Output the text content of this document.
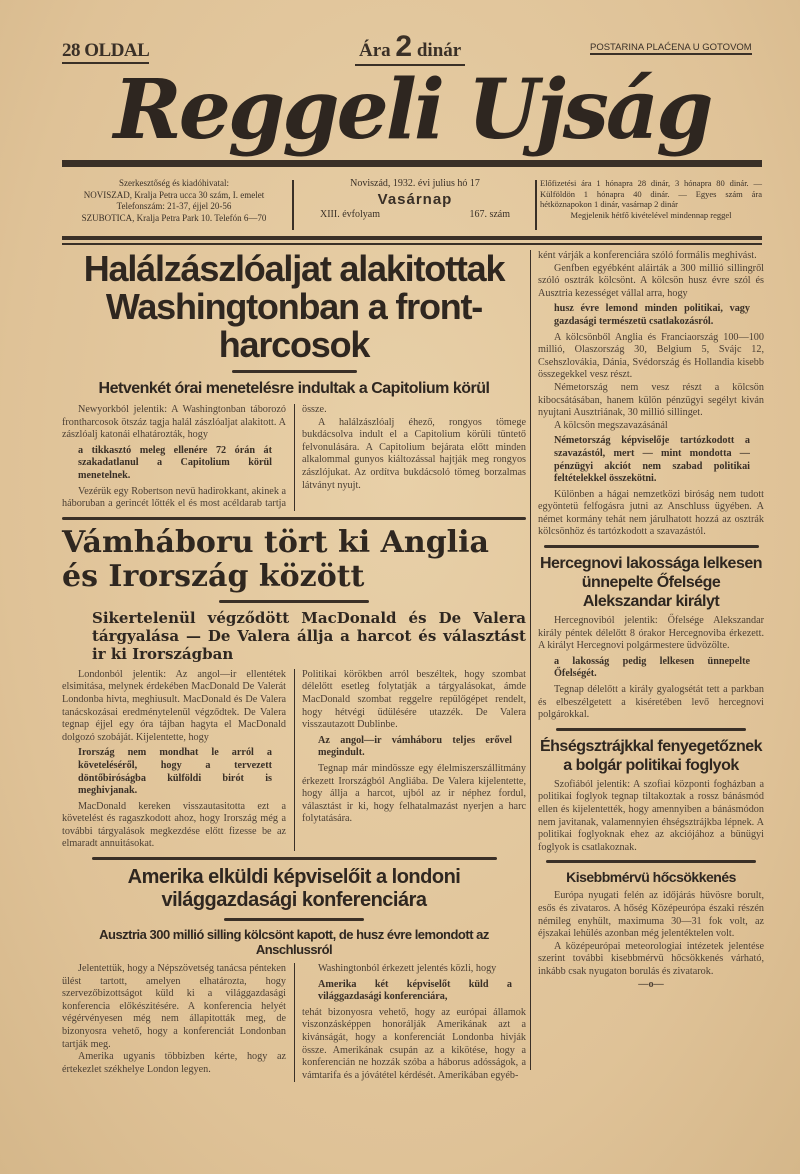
28 OLDAL	Ára 2 dinár	POSTARINA PLAĆENA U GOTOVOM
Reggeli Ujság
Szerkesztőség és kiadóhivatal:
NOVISZAD, Kralja Petra ucca 30 szám, I. emelet
Telefonszám: 21-37, éjjel 20-56
SZUBOTICA, Kralja Petra Park 10. Telefón 6—70
Noviszád, 1932. évi julius hó 17
Vasárnap
XIII. évfolyam	167. szám
Előfizetési ára 1 hónapra 28 dinár, 3 hónapra 80 dinár. — Külföldön 1 hónapra 40 dinár. — Egyes szám ára hétköznapokon 1 dinár, vasárnap 2 dinár
Megjelenik hétfő kivételével mindennap reggel
Halálzászlóaljat alakitottak Washingtonban a front-harcosok
Hetvenkét órai menetelésre indultak a Capitolium körül

Newyorkból jelentik: A Washingtonban táborozó frontharcosok ötszáz tagja halál zászlóaljat alakitott. A zászlóalj katonái elhatározták, hogy

a tikkasztó meleg ellenére 72 órán át szakadatlanul a Capitolium körül menetelnek.

Vezérük egy Robertson nevü hadirokkant, akinek a háboruban a gerincét lőtték el és most acéldarab tartja össze.

A halálzászlóalj éhező, rongyos tömege bukdácsolva indult el a Capitolium körüli tüntető felvonulására. A Capitolium bejárata előtt minden alkalommal gunyos kiáltozással hajtják meg rongyos zászlójukat. Az ordítva bukdácsoló tömeg borzalmas látványt nyujt.

Vámháboru tört ki Anglia és Irország között
Sikertelenül végződött MacDonald és De Valera tárgyalása — De Valera állja a harcot és választást ir ki Irországban

Londonból jelentik: Az angol—ir ellentétek elsimitása, melynek érdekében MacDonald De Valerát Londonba hivta, meghiusult. MacDonald és De Valera tanácskozásai eredménytelenül végződtek. De Valera tegnap éjjel egy óra tájban hagyta el MacDonald dolgozó szobáját. Kijelentette, hogy

Irország nem mondhat le arról a követeléséről, hogy a tervezett döntőbiróságba külföldi birót is meghivjanak.

MacDonald kereken visszautasitotta ezt a követelést és ragaszkodott ahoz, hogy Irország még a további tárgyalások megkezdése előtt fizesse be az elmaradt annuitásokat.

Politikai körökben arról beszéltek, hogy szombat délelőtt esetleg folytatják a tárgyalásokat, ámde MacDonald szombat reggelre repülőgépet rendelt, hogy hétvégi üdülésére utazzék. De Valera visszautazott Dublinbe.

Az angol—ir vámháboru teljes erővel megindult.

Tegnap már mindössze egy élelmiszerszállitmány érkezett Irországból Angliába. De Valera kijelentette, hogy állja a harcot, ujból az ir néphez fordul, választást ir ki, hogy felhatalmazást nyerjen a harc folytatására.

Amerika elküldi képviselőit a londoni világgazdasági konferenciára
Ausztria 300 millió silling kölcsönt kapott, de husz évre lemondott az Anschlussról

Jelentettük, hogy a Népszövetség tanácsa pénteken ülést tartott, amelyen elhatározta, hogy szervezőbizottságot küld ki a világgazdasági konferencia előkészitésére. A konferencia helyét végérvényesen még nem állapitották meg, de bizonyosra vehető, hogy a konferenciát Londonban tartják meg.

Amerika ugyanis többizben kérte, hogy az értekezlet székhelye London legyen.

Washingtonból érkezett jelentés közli, hogy

Amerika két képviselőt küld a világgazdasági konferenciára,

tehát bizonyosra vehető, hogy az európai államok viszonzásképpen honorálják Amerikának azt a kivánságát, hogy a konferenciát Londonba hivják össze. Amerikának csupán az a kikötése, hogy a konferencián ne hozzák szóba a háborus adósságok, a vámtarifa és a jóvátétel kérdését. Amerikában egyéb-

ként várják a konferenciára szóló formális meghivást.

Genfben egyébként aláirták a 300 millió sillingről szóló osztrák kölcsönt. A kölcsön husz évre szól és Ausztria kezességet vállal arra, hogy

husz évre lemond minden politikai, vagy gazdasági természetü csatlakozásról.

A kölcsönből Anglia és Franciaország 100—100 millió, Olaszország 30, Belgium 5, Svájc 12, Csehszlovákia, Dánia, Svédország és Hollandia kisebb összegekkel vesz részt.

Németország nem vesz részt a kölcsön kibocsátásában, hanem külön pénzügyi segélyt kiván nyujtani Ausztriának, 30 millió sillinget.

A kölcsön megszavazásánál

Németország képviselője tartózkodott a szavazástól, mert — mint mondotta — pénzügyi akciót nem szabad politikai feltételekkel összekötni.

Különben a hágai nemzetközi biróság nem tudott egyöntetü felfogásra jutni az Anschluss ügyében. A német kormány tehát nem járulhatott hozzá az osztrák kölcsönhöz és tartózkodott a szavazástól.

Hercegnovi lakossága lelkesen ünnepelte Őfelsége Alekszandar királyt

Hercegnoviból jelentik: Őfelsége Alekszandar király péntek délelőtt 8 órakor Hercegnoviba érkezett. A királyt Hercegnovi polgármestere üdvözölte.

a lakosság pedig lelkesen ünnepelte Őfelségét.

Tegnap délelőtt a király gyalogsétát tett a parkban és elbeszélgetett a kiséretében levő hercegnovi polgárokkal.

Éhségsztrájkkal fenyegetőznek a bolgár politikai foglyok

Szofiából jelentik: A szofiai központi fogházban a politikai foglyok tegnap tiltakoztak a rossz bánásmód ellen és kijelentették, hogy amennyiben a bánásmódon nem javitanak, valamennyien éhségsztrájkba lépnek. A politikai foglyoknak ehez az akciójához a bünügyi foglyok is csatlakoznak.

Kisebbmérvü hőcsökkenés

Európa nyugati felén az időjárás hüvösre borult, esős és zivataros. A hőség Középeurópa északi részén némileg enyhült, maximuma 30—31 fok volt, az éjszakai lehülés azonban még jelentéktelen volt.

A középeurópai meteorologiai intézetek jelentése szerint további kisebbmérvü hőcsökkenés várható, inkább csak nyugaton borulás és zivatarok.

—o—
